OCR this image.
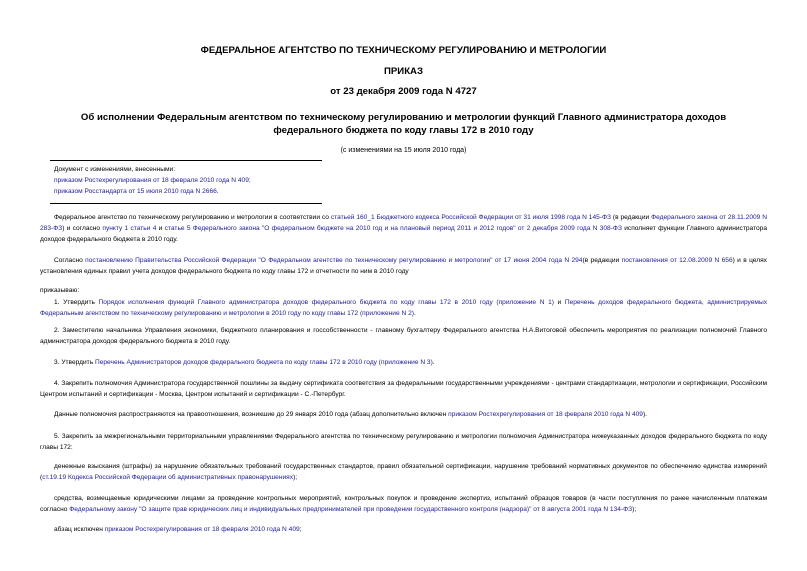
ФЕДЕРАЛЬНОЕ АГЕНТСТВО ПО ТЕХНИЧЕСКОМУ РЕГУЛИРОВАНИЮ И МЕТРОЛОГИИ
ПРИКАЗ
от 23 декабря 2009 года N 4727
Об исполнении Федеральным агентством по техническому регулированию и метрологии функций Главного администратора доходов федерального бюджета по коду главы 172 в 2010 году
(с изменениями на 15 июля 2010 года)
Документ с изменениями, внесенными:
приказом Ростехрегулирования от 18 февраля 2010 года N 409;
приказом Росстандарта от 15 июля 2010 года N 2666.

Федеральное агентство по техническому регулированию и метрологии в соответствии со статьей 160_1 Бюджетного кодекса Российской Федерации от 31 июля 1998 года N 145-ФЗ (в редакции Федерального закона от 28.11.2009 N 283-ФЗ) и согласно пункту 1 статьи 4 и статье 5 Федерального закона "О федеральном бюджете на 2010 год и на плановый период 2011 и 2012 годов" от 2 декабря 2009 года N 308-ФЗ исполняет функции Главного администратора доходов федерального бюджета в 2010 году.

Согласно постановлению Правительства Российской Федерации "О Федеральном агентстве по техническому регулированию и метрологии" от 17 июня 2004 года N 294(в редакции постановления от 12.08.2009 N 656) и в целях установления единых правил учета доходов федерального бюджета по коду главы 172 и отчетности по ним в 2010 году

приказываю:

1. Утвердить Порядок исполнения функций Главного администратора доходов федерального бюджета по коду главы 172 в 2010 году (приложение N 1) и Перечень доходов федерального бюджета, администрируемых Федеральным агентством по техническому регулированию и метрологии в 2010 году по коду главы 172 (приложение N 2).

2. Заместителю начальника Управления экономики, бюджетного планирования и госсобственности - главному бухгалтеру Федерального агентства Н.А.Витоговой обеспечить мероприятия по реализации полномочий Главного администратора доходов федерального бюджета в 2010 году.

3. Утвердить Перечень Администраторов доходов федерального бюджета по коду главы 172 в 2010 году (приложение N 3).

4. Закрепить полномочия Администратора государственной пошлины за выдачу сертификата соответствия за федеральными государственными учреждениями - центрами стандартизации, метрологии и сертификации, Российским Центром испытаний и сертификации - Москва, Центром испытаний и сертификации - С.-Петербург.

Данные полномочия распространяются на правоотношения, возникшие до 29 января 2010 года (абзац дополнительно включен приказом Ростехрегулирования от 18 февраля 2010 года N 409).

5. Закрепить за межрегиональными территориальными управлениями Федерального агентства по техническому регулированию и метрологии полномочия Администратора нижеуказанных доходов федерального бюджета по коду главы 172:

денежные взыскания (штрафы) за нарушение обязательных требований государственных стандартов, правил обязательной сертификации, нарушение требований нормативных документов по обеспечению единства измерений (ст.19.19 Кодекса Российской Федерации об административных правонарушениях);

средства, возмещаемые юридическими лицами за проведение контрольных мероприятий, контрольных покупок и проведение экспертиз, испытаний образцов товаров (в части поступления по ранее начисленным платежам согласно Федеральному закону "О защите прав юридических лиц и индивидуальных предпринимателей при проведении государственного контроля (надзора)" от 8 августа 2001 года N 134-ФЗ);

абзац исключен приказом Ростехрегулирования от 18 февраля 2010 года N 409;
